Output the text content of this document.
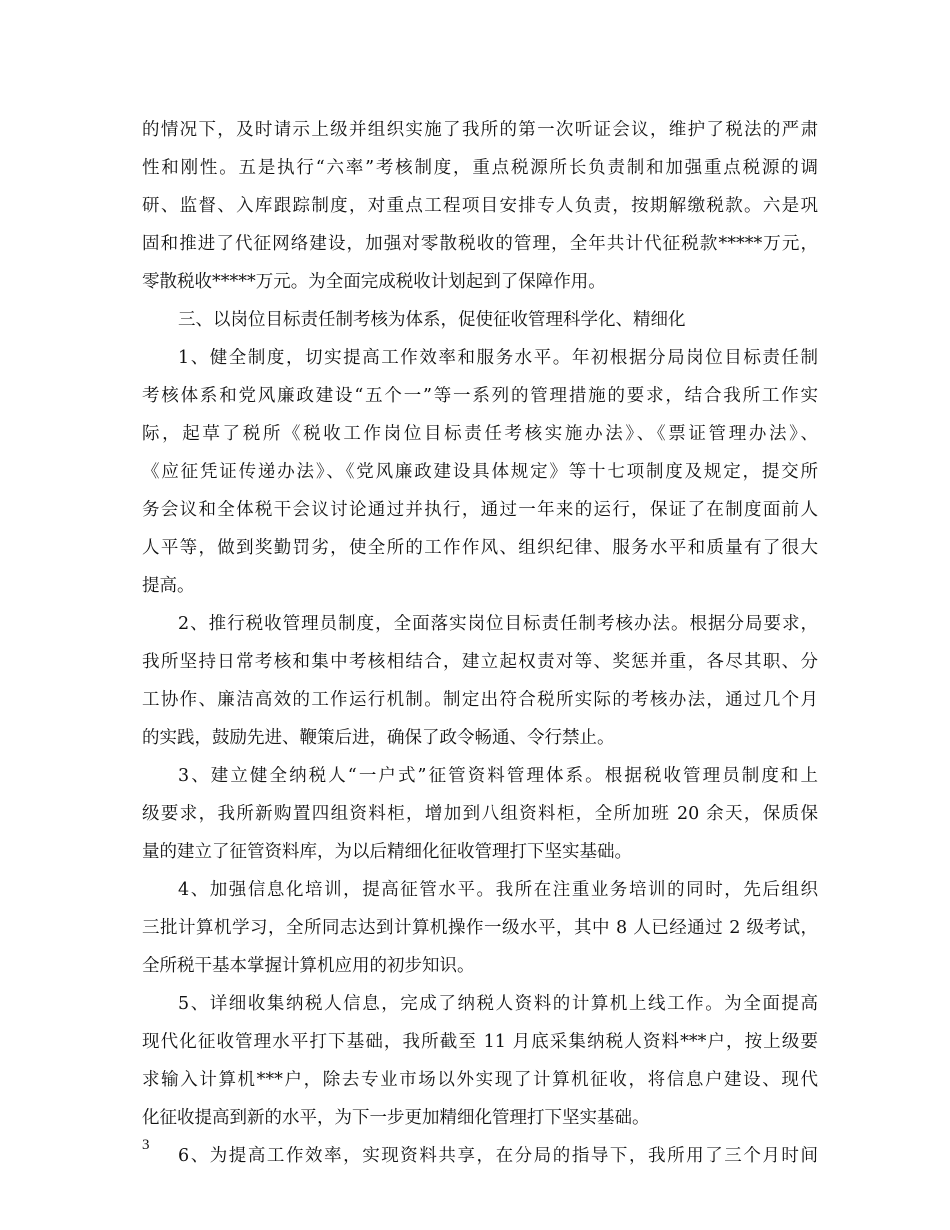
的情况下，及时请示上级并组织实施了我所的第一次听证会议，维护了税法的严肃
性和刚性。五是执行“六率”考核制度，重点税源所长负责制和加强重点税源的调
研、监督、入库跟踪制度，对重点工程项目安排专人负责，按期解缴税款。六是巩
固和推进了代征网络建设，加强对零散税收的管理，全年共计代征税款*****万元，
零散税收*****万元。为全面完成税收计划起到了保障作用。
三、以岗位目标责任制考核为体系，促使征收管理科学化、精细化
1、健全制度，切实提高工作效率和服务水平。年初根据分局岗位目标责任制
考核体系和党风廉政建设“五个一”等一系列的管理措施的要求，结合我所工作实
际，起草了税所《税收工作岗位目标责任考核实施办法》、《票证管理办法》、
《应征凭证传递办法》、《党风廉政建设具体规定》等十七项制度及规定，提交所
务会议和全体税干会议讨论通过并执行，通过一年来的运行，保证了在制度面前人
人平等，做到奖勤罚劣，使全所的工作作风、组织纪律、服务水平和质量有了很大
提高。
2、推行税收管理员制度，全面落实岗位目标责任制考核办法。根据分局要求，
我所坚持日常考核和集中考核相结合，建立起权责对等、奖惩并重，各尽其职、分
工协作、廉洁高效的工作运行机制。制定出符合税所实际的考核办法，通过几个月
的实践，鼓励先进、鞭策后进，确保了政令畅通、令行禁止。
3、建立健全纳税人“一户式”征管资料管理体系。根据税收管理员制度和上
级要求，我所新购置四组资料柜，增加到八组资料柜，全所加班 20 余天，保质保
量的建立了征管资料库，为以后精细化征收管理打下坚实基础。
4、加强信息化培训，提高征管水平。我所在注重业务培训的同时，先后组织
三批计算机学习，全所同志达到计算机操作一级水平，其中 8 人已经通过 2 级考试，
全所税干基本掌握计算机应用的初步知识。
5、详细收集纳税人信息，完成了纳税人资料的计算机上线工作。为全面提高
现代化征收管理水平打下基础，我所截至 11 月底采集纳税人资料***户，按上级要
求输入计算机***户，除去专业市场以外实现了计算机征收，将信息户建设、现代
化征收提高到新的水平，为下一步更加精细化管理打下坚实基础。
6、为提高工作效率，实现资料共享，在分局的指导下，我所用了三个月时间
3
